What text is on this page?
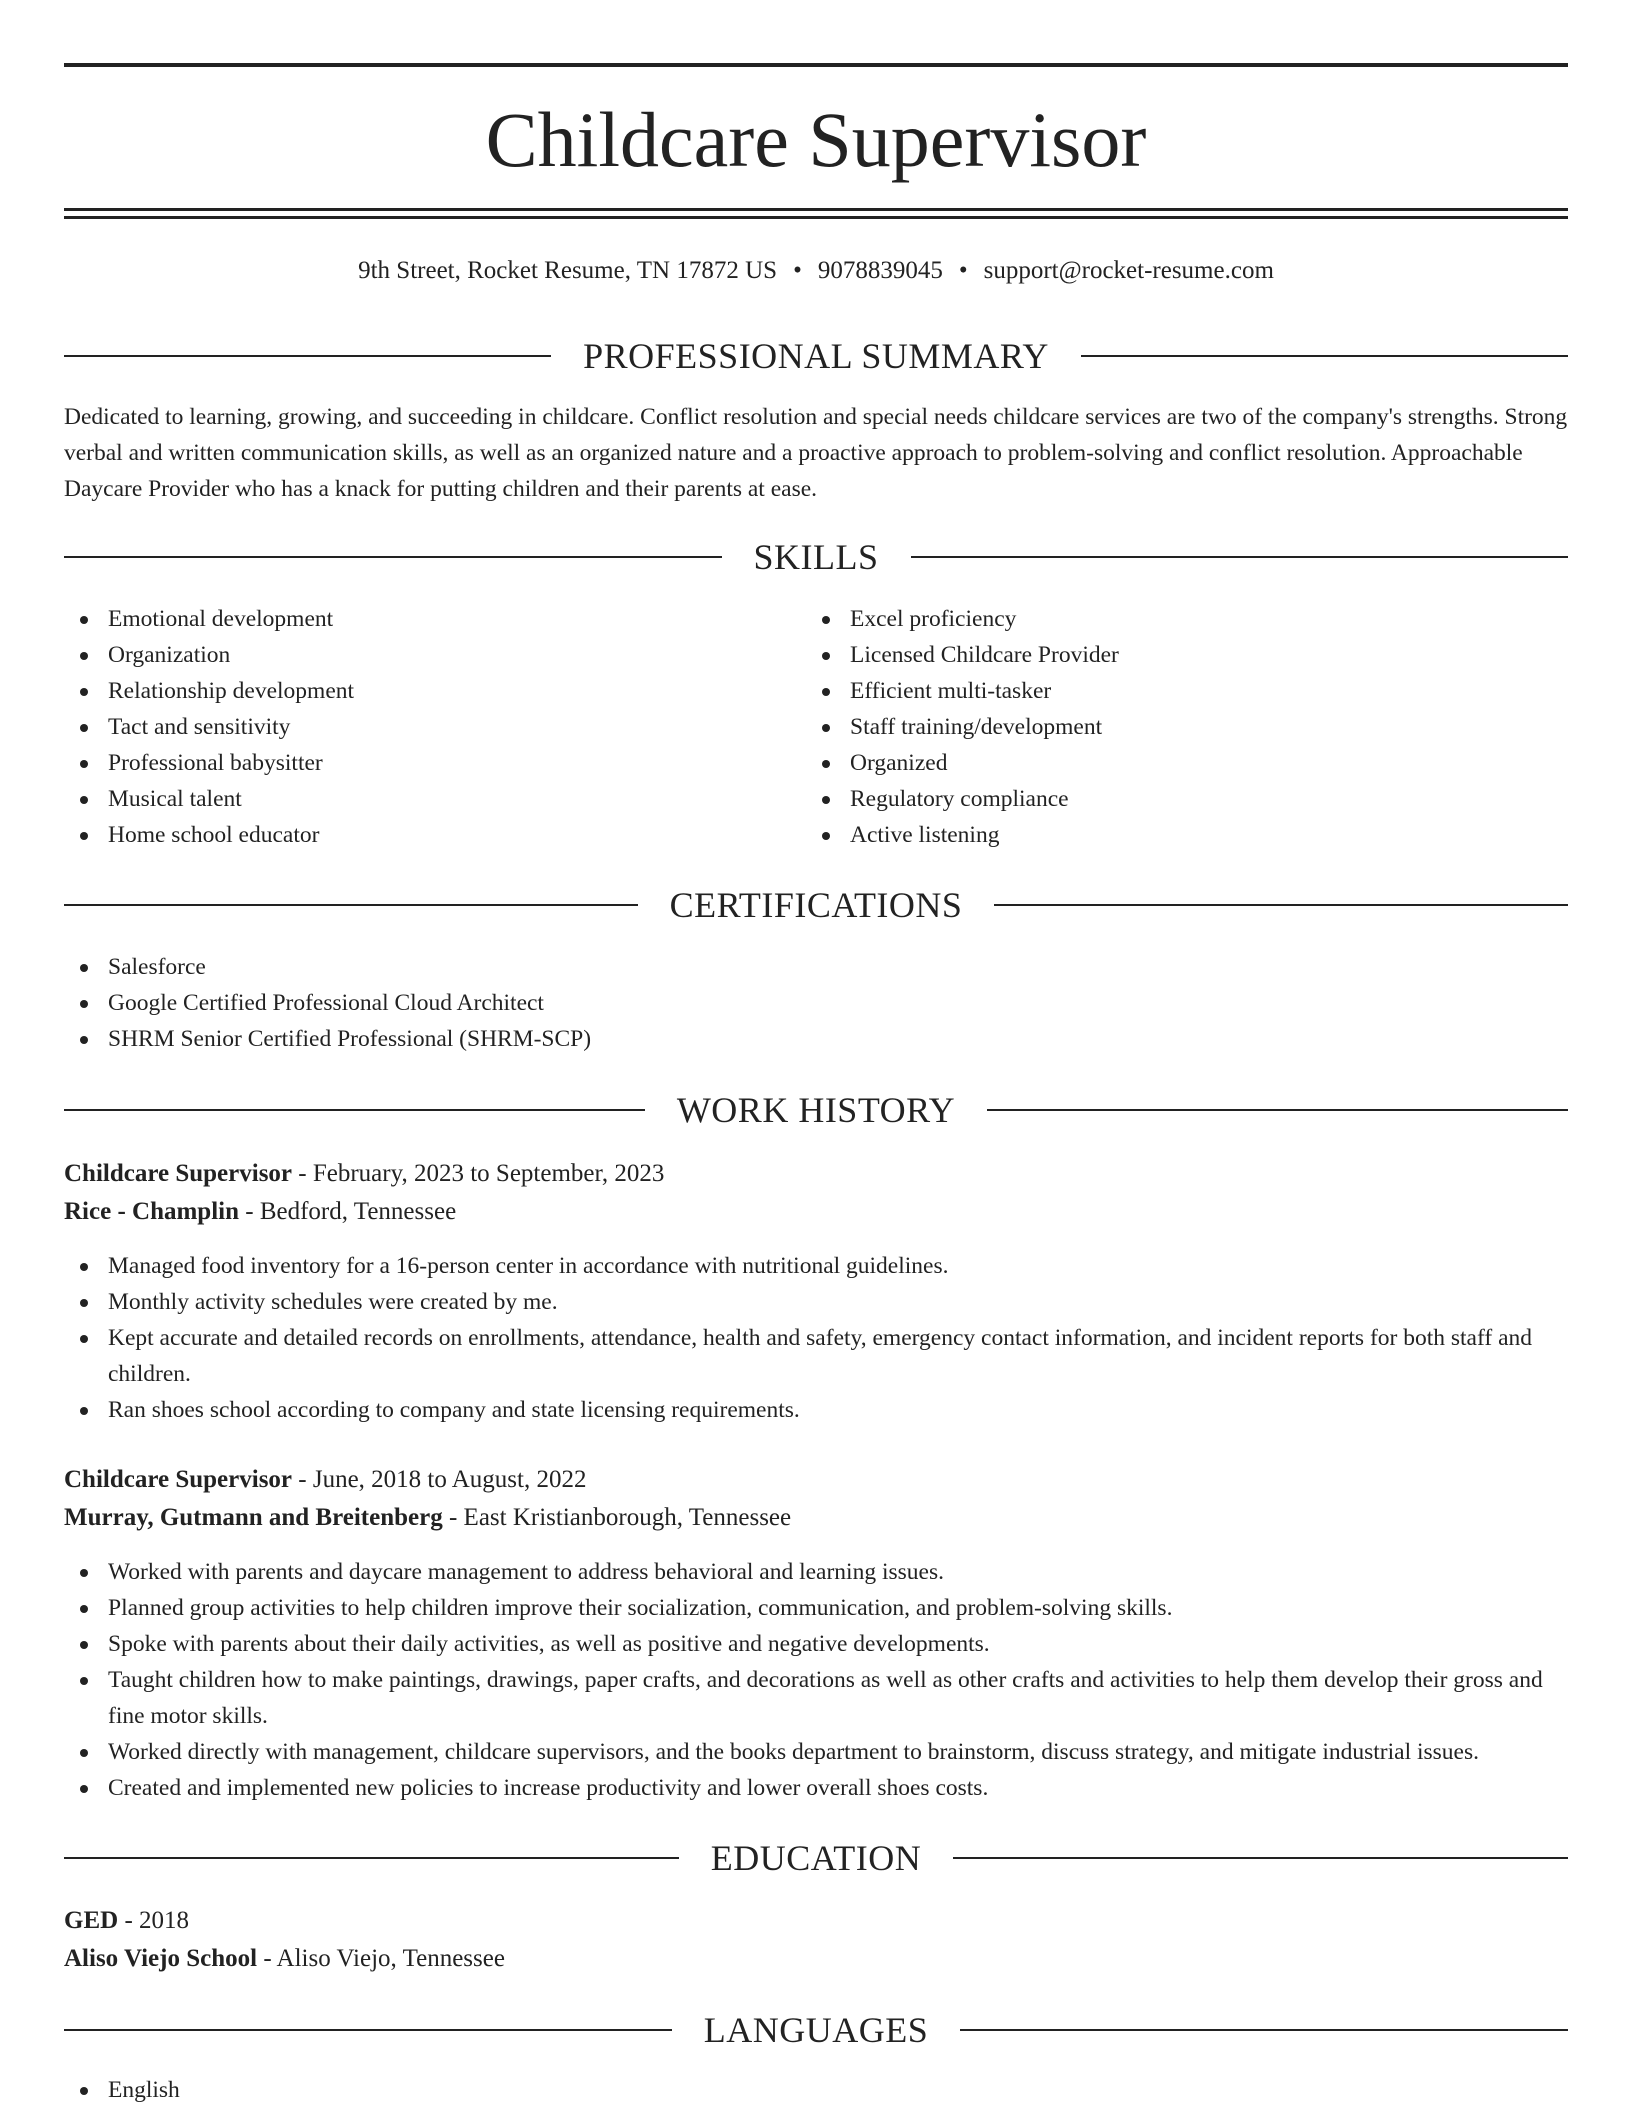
Childcare Supervisor
9th Street, Rocket Resume, TN 17872 US • 9078839045 • support@rocket-resume.com
PROFESSIONAL SUMMARY
Dedicated to learning, growing, and succeeding in childcare. Conflict resolution and special needs childcare services are two of the company's strengths. Strong verbal and written communication skills, as well as an organized nature and a proactive approach to problem-solving and conflict resolution. Approachable Daycare Provider who has a knack for putting children and their parents at ease.
SKILLS
Emotional development
Organization
Relationship development
Tact and sensitivity
Professional babysitter
Musical talent
Home school educator
Excel proficiency
Licensed Childcare Provider
Efficient multi-tasker
Staff training/development
Organized
Regulatory compliance
Active listening
CERTIFICATIONS
Salesforce
Google Certified Professional Cloud Architect
SHRM Senior Certified Professional (SHRM-SCP)
WORK HISTORY
Childcare Supervisor - February, 2023 to September, 2023
Rice - Champlin - Bedford, Tennessee
Managed food inventory for a 16-person center in accordance with nutritional guidelines.
Monthly activity schedules were created by me.
Kept accurate and detailed records on enrollments, attendance, health and safety, emergency contact information, and incident reports for both staff and children.
Ran shoes school according to company and state licensing requirements.
Childcare Supervisor - June, 2018 to August, 2022
Murray, Gutmann and Breitenberg - East Kristianborough, Tennessee
Worked with parents and daycare management to address behavioral and learning issues.
Planned group activities to help children improve their socialization, communication, and problem-solving skills.
Spoke with parents about their daily activities, as well as positive and negative developments.
Taught children how to make paintings, drawings, paper crafts, and decorations as well as other crafts and activities to help them develop their gross and fine motor skills.
Worked directly with management, childcare supervisors, and the books department to brainstorm, discuss strategy, and mitigate industrial issues.
Created and implemented new policies to increase productivity and lower overall shoes costs.
EDUCATION
GED - 2018
Aliso Viejo School - Aliso Viejo, Tennessee
LANGUAGES
English
